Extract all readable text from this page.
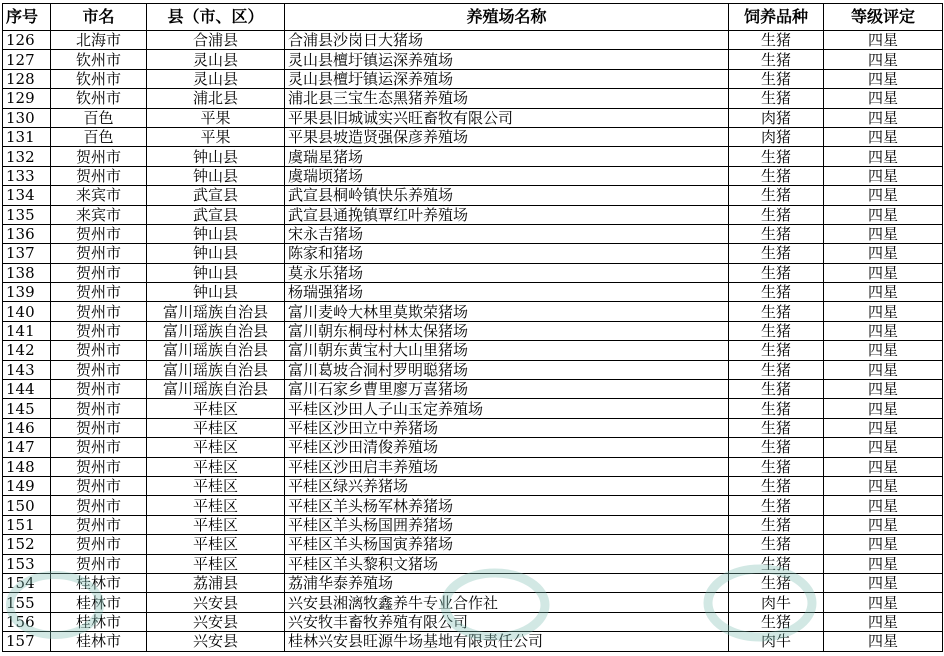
序号	市名	县（市、区）	养殖场名称	饲养品种	等级评定
126	北海市	合浦县	合浦县沙岗日大猪场	生猪	四星
127	钦州市	灵山县	灵山县檀圩镇运深养殖场	生猪	四星
128	钦州市	灵山县	灵山县檀圩镇运深养殖场	生猪	四星
129	钦州市	浦北县	浦北县三宝生态黑猪养殖场	生猪	四星
130	百色	平果	平果县旧城诚实兴旺畜牧有限公司	肉猪	四星
131	百色	平果	平果县坡造贤强保彦养殖场	肉猪	四星
132	贺州市	钟山县	虞瑞星猪场	生猪	四星
133	贺州市	钟山县	虞瑞顷猪场	生猪	四星
134	来宾市	武宣县	武宣县桐岭镇快乐养殖场	生猪	四星
135	来宾市	武宣县	武宣县通挽镇覃红叶养殖场	生猪	四星
136	贺州市	钟山县	宋永吉猪场	生猪	四星
137	贺州市	钟山县	陈家和猪场	生猪	四星
138	贺州市	钟山县	莫永乐猪场	生猪	四星
139	贺州市	钟山县	杨瑞强猪场	生猪	四星
140	贺州市	富川瑶族自治县	富川麦岭大林里莫欺荣猪场	生猪	四星
141	贺州市	富川瑶族自治县	富川朝东桐母村林太保猪场	生猪	四星
142	贺州市	富川瑶族自治县	富川朝东黄宝村大山里猪场	生猪	四星
143	贺州市	富川瑶族自治县	富川葛坡合洞村罗明聪猪场	生猪	四星
144	贺州市	富川瑶族自治县	富川石家乡曹里廖万喜猪场	生猪	四星
145	贺州市	平桂区	平桂区沙田人子山玉定养殖场	生猪	四星
146	贺州市	平桂区	平桂区沙田立中养猪场	生猪	四星
147	贺州市	平桂区	平桂区沙田清俊养殖场	生猪	四星
148	贺州市	平桂区	平桂区沙田启丰养殖场	生猪	四星
149	贺州市	平桂区	平桂区绿兴养猪场	生猪	四星
150	贺州市	平桂区	平桂区羊头杨军林养猪场	生猪	四星
151	贺州市	平桂区	平桂区羊头杨国囲养猪场	生猪	四星
152	贺州市	平桂区	平桂区羊头杨国寅养猪场	生猪	四星
153	贺州市	平桂区	平桂区羊头黎积文猪场	生猪	四星
154	桂林市	荔浦县	荔浦华泰养殖场	生猪	四星
155	桂林市	兴安县	兴安县湘漓牧鑫养牛专业合作社	肉牛	四星
156	桂林市	兴安县	兴安牧丰畜牧养殖有限公司	生猪	四星
157	桂林市	兴安县	桂林兴安县旺源牛场基地有限责任公司	肉牛	四星
